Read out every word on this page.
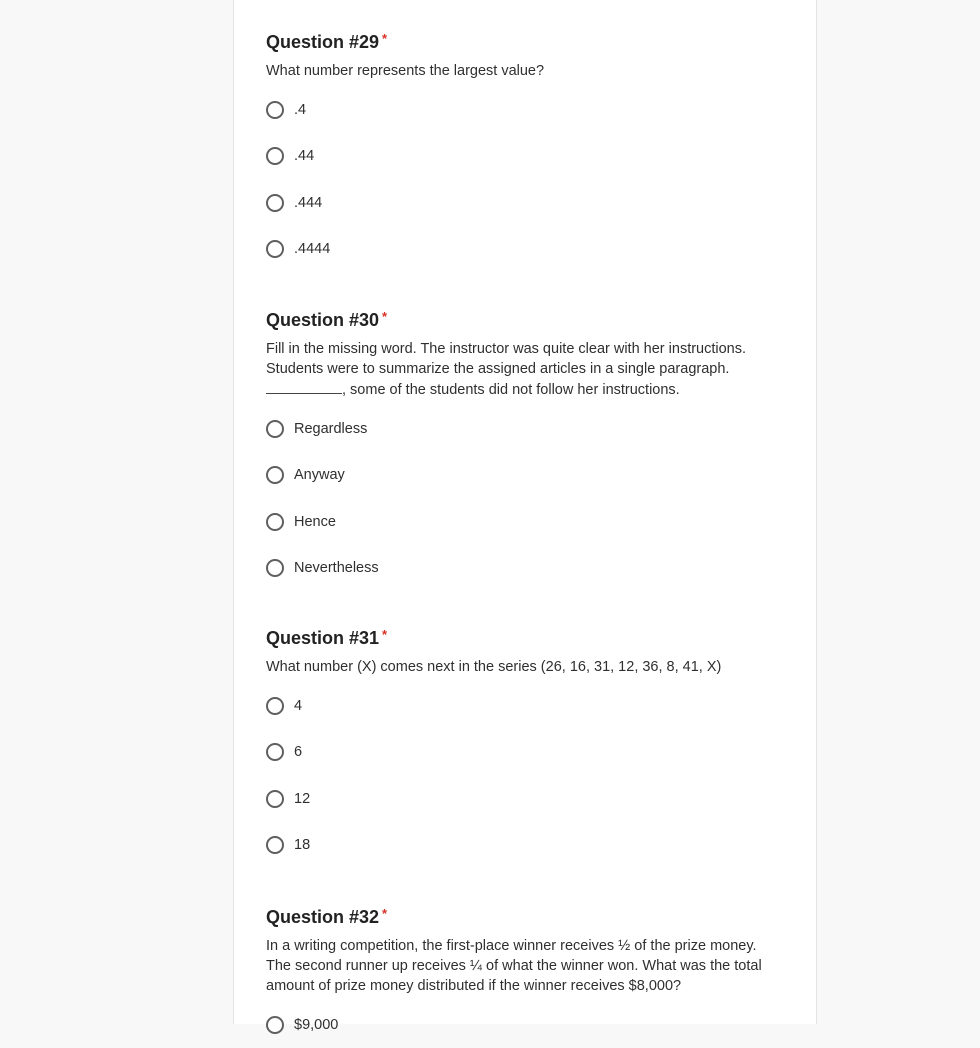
Question #29 *
What number represents the largest value?
.4
.44
.444
.4444
Question #30 *
Fill in the missing word. The instructor was quite clear with her instructions. Students were to summarize the assigned articles in a single paragraph.
, some of the students did not follow her instructions.
Regardless
Anyway
Hence
Nevertheless
Question #31 *
What number (X) comes next in the series (26, 16, 31, 12, 36, 8, 41, X)
4
6
12
18
Question #32 *
In a writing competition, the first-place winner receives ½ of the prize money. The second runner up receives ¼ of what the winner won. What was the total amount of prize money distributed if the winner receives $8,000?
$9,000
